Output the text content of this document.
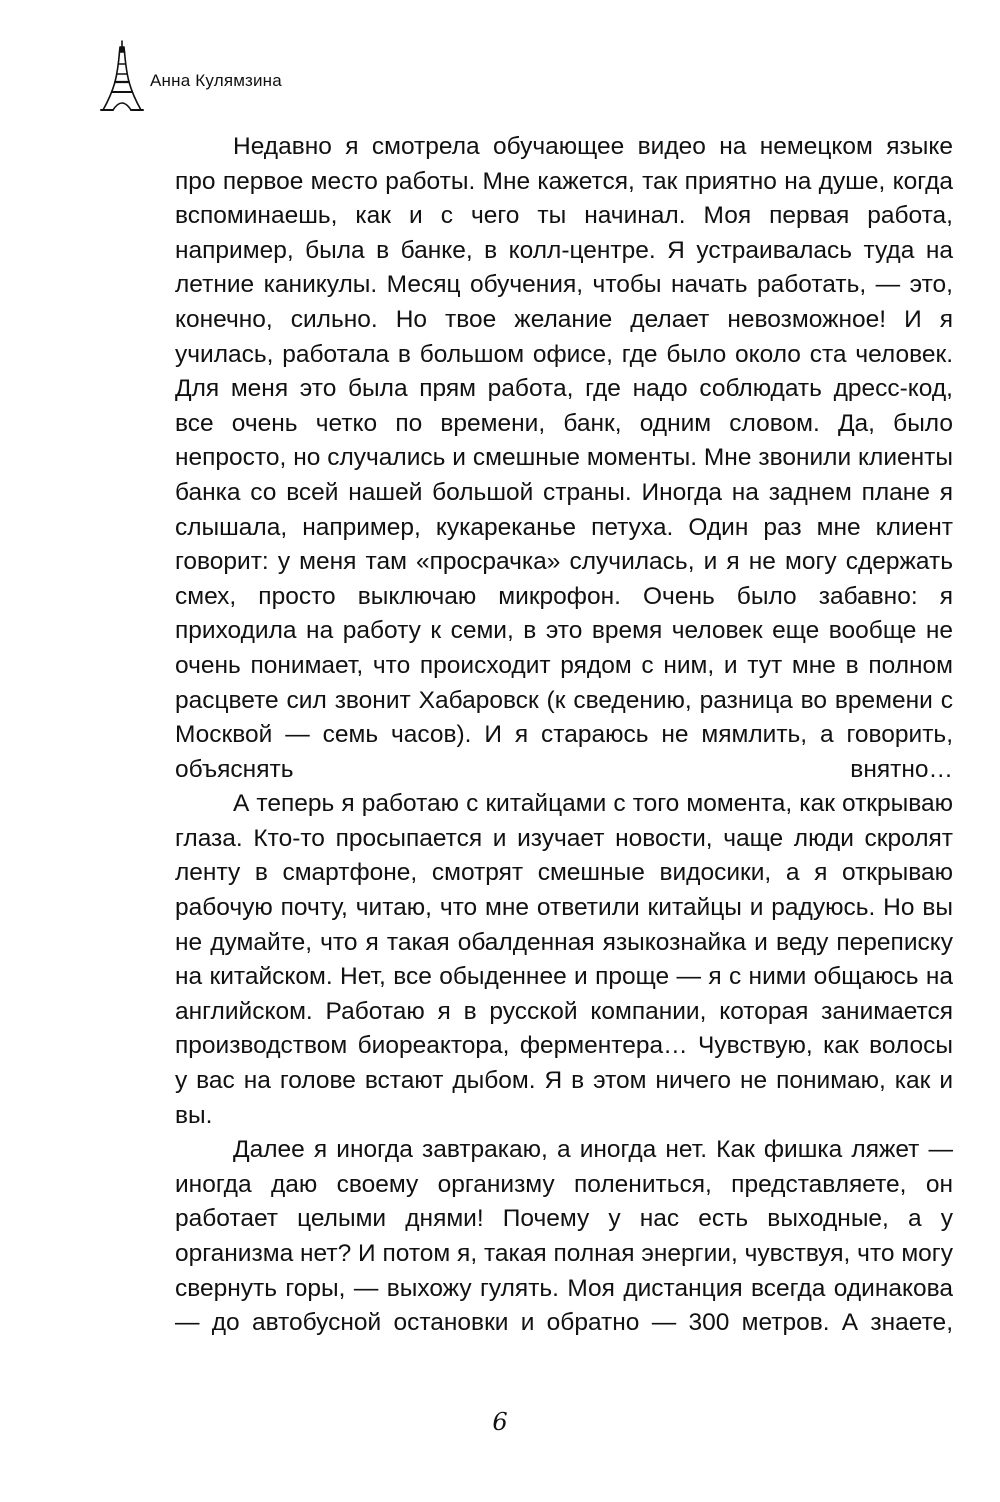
Анна Кулямзина

Недавно я смотрела обучающее видео на немецком языке про первое место работы. Мне кажется, так приятно на душе, когда вспоминаешь, как и с чего ты начинал. Моя первая работа, например, была в банке, в колл-центре. Я устраивалась туда на летние каникулы. Месяц обучения, чтобы начать работать, — это, конечно, сильно. Но твое желание делает невозможное! И я училась, работала в большом офисе, где было около ста человек. Для меня это была прям работа, где надо соблюдать дресс-код, все очень четко по времени, банк, одним словом. Да, было непросто, но случались и смешные моменты. Мне звонили клиенты банка со всей нашей большой страны. Иногда на заднем плане я слышала, например, кукареканье петуха. Один раз мне клиент говорит: у меня там «просрачка» случилась, и я не могу сдержать смех, просто выключаю микрофон. Очень было забавно: я приходила на работу к семи, в это время человек еще вообще не очень понимает, что происходит рядом с ним, и тут мне в полном расцвете сил звонит Хабаровск (к сведению, разница во времени с Москвой — семь часов). И я стараюсь не мямлить, а говорить, объяснять внятно…

А теперь я работаю с китайцами с того момента, как открываю глаза. Кто-то просыпается и изучает новости, чаще люди скролят ленту в смартфоне, смотрят смешные видосики, а я открываю рабочую почту, читаю, что мне ответили китайцы и радуюсь. Но вы не думайте, что я такая обалденная языкознайка и веду переписку на китайском. Нет, все обыденнее и проще — я с ними общаюсь на английском. Работаю я в русской компании, которая занимается производством биореактора, ферментера… Чувствую, как волосы у вас на голове встают дыбом. Я в этом ничего не понимаю, как и вы.

Далее я иногда завтракаю, а иногда нет. Как фишка ляжет — иногда даю своему организму полениться, представляете, он работает целыми днями! Почему у нас есть выходные, а у организма нет? И потом я, такая полная энергии, чувствуя, что могу свернуть горы, — выхожу гулять. Моя дистанция всегда одинакова — до автобусной остановки и обратно — 300 метров. А знаете,

6
